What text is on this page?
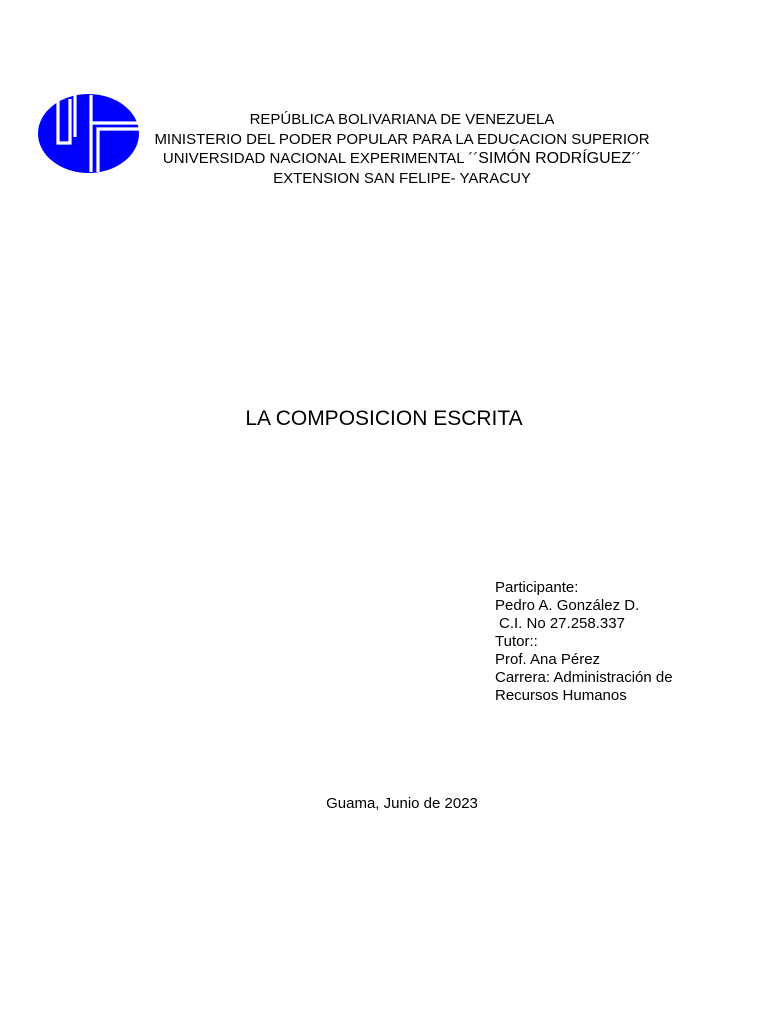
REPÚBLICA BOLIVARIANA DE VENEZUELA
MINISTERIO DEL PODER POPULAR PARA LA EDUCACION SUPERIOR
UNIVERSIDAD NACIONAL EXPERIMENTAL ´´SIMÓN RODRÍGUEZ´´
EXTENSION SAN FELIPE- YARACUY
LA COMPOSICION ESCRITA
Participante:
Pedro A. González D.
C.I. No 27.258.337
Tutor::
Prof. Ana Pérez
Carrera: Administración de
Recursos Humanos
Guama, Junio de 2023
